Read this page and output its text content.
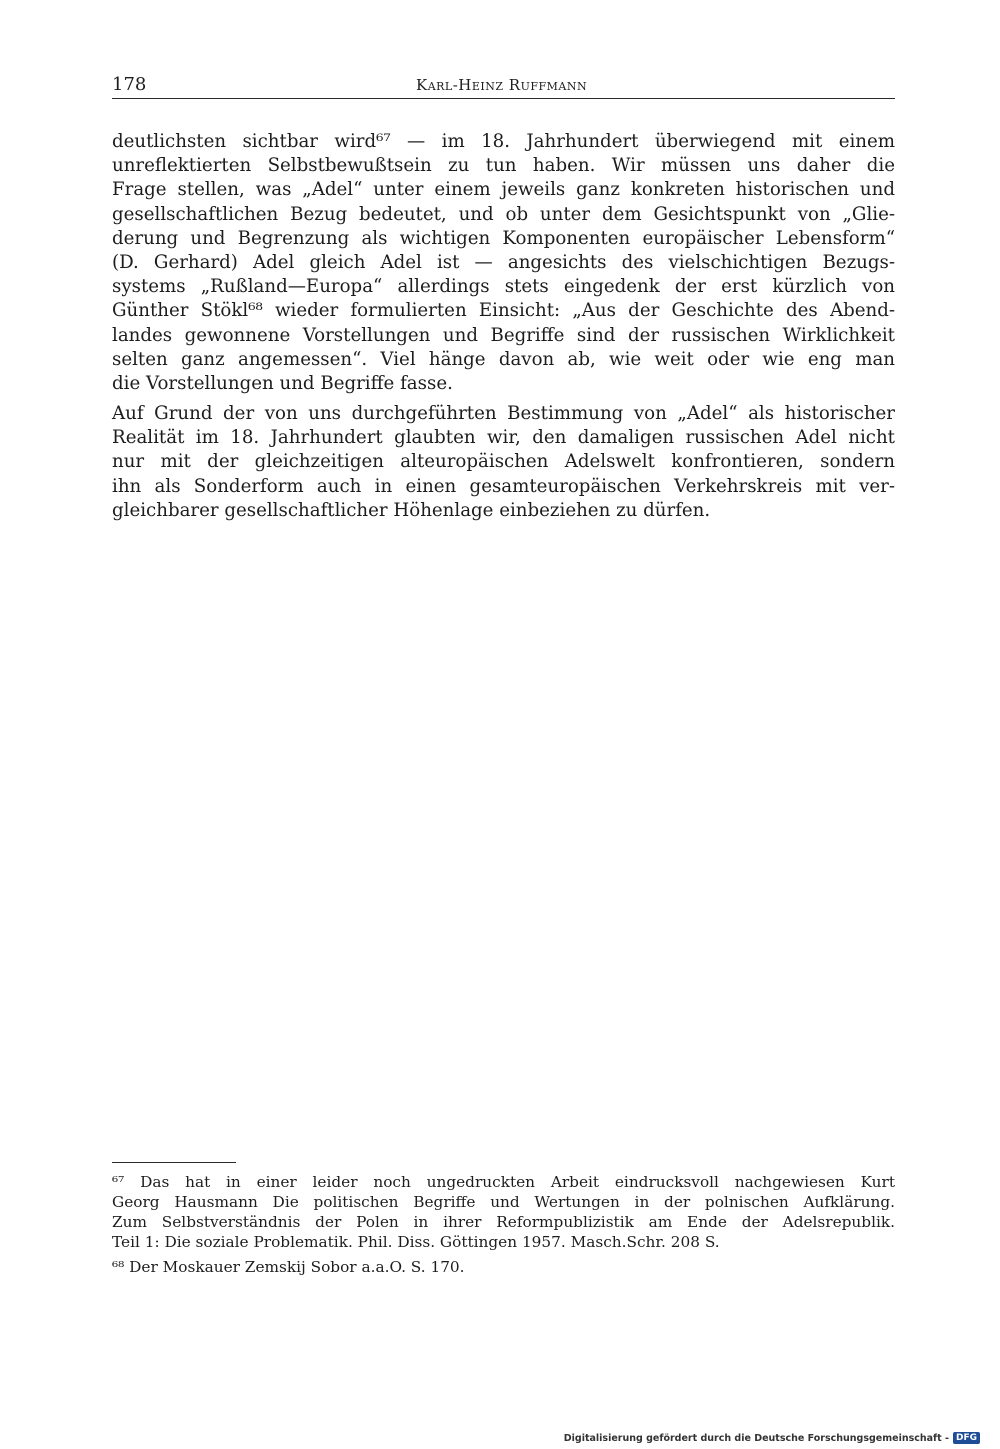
178	Karl-Heinz Ruffmann
deutlichsten sichtbar wird⁶⁷ — im 18. Jahrhundert überwiegend mit einem
unreflektierten Selbstbewußtsein zu tun haben. Wir müssen uns daher die
Frage stellen, was „Adel“ unter einem jeweils ganz konkreten historischen und
gesellschaftlichen Bezug bedeutet, und ob unter dem Gesichtspunkt von „Glie-
derung und Begrenzung als wichtigen Komponenten europäischer Lebensform“
(D. Gerhard) Adel gleich Adel ist — angesichts des vielschichtigen Bezugs-
systems „Rußland—Europa“ allerdings stets eingedenk der erst kürzlich von
Günther Stökl⁶⁸ wieder formulierten Einsicht: „Aus der Geschichte des Abend-
landes gewonnene Vorstellungen und Begriffe sind der russischen Wirklichkeit
selten ganz angemessen“. Viel hänge davon ab, wie weit oder wie eng man
die Vorstellungen und Begriffe fasse.
Auf Grund der von uns durchgeführten Bestimmung von „Adel“ als historischer
Realität im 18. Jahrhundert glaubten wir, den damaligen russischen Adel nicht
nur mit der gleichzeitigen alteuropäischen Adelswelt konfrontieren, sondern
ihn als Sonderform auch in einen gesamteuropäischen Verkehrskreis mit ver-
gleichbarer gesellschaftlicher Höhenlage einbeziehen zu dürfen.
⁶⁷ Das hat in einer leider noch ungedruckten Arbeit eindrucksvoll nachgewiesen Kurt
Georg Hausmann Die politischen Begriffe und Wertungen in der polnischen Aufklärung.
Zum Selbstverständnis der Polen in ihrer Reformpublizistik am Ende der Adelsrepublik.
Teil 1: Die soziale Problematik. Phil. Diss. Göttingen 1957. Masch.Schr. 208 S.
⁶⁸ Der Moskauer Zemskij Sobor a.a.O. S. 170.
Digitalisierung gefördert durch die Deutsche Forschungsgemeinschaft - DFG
